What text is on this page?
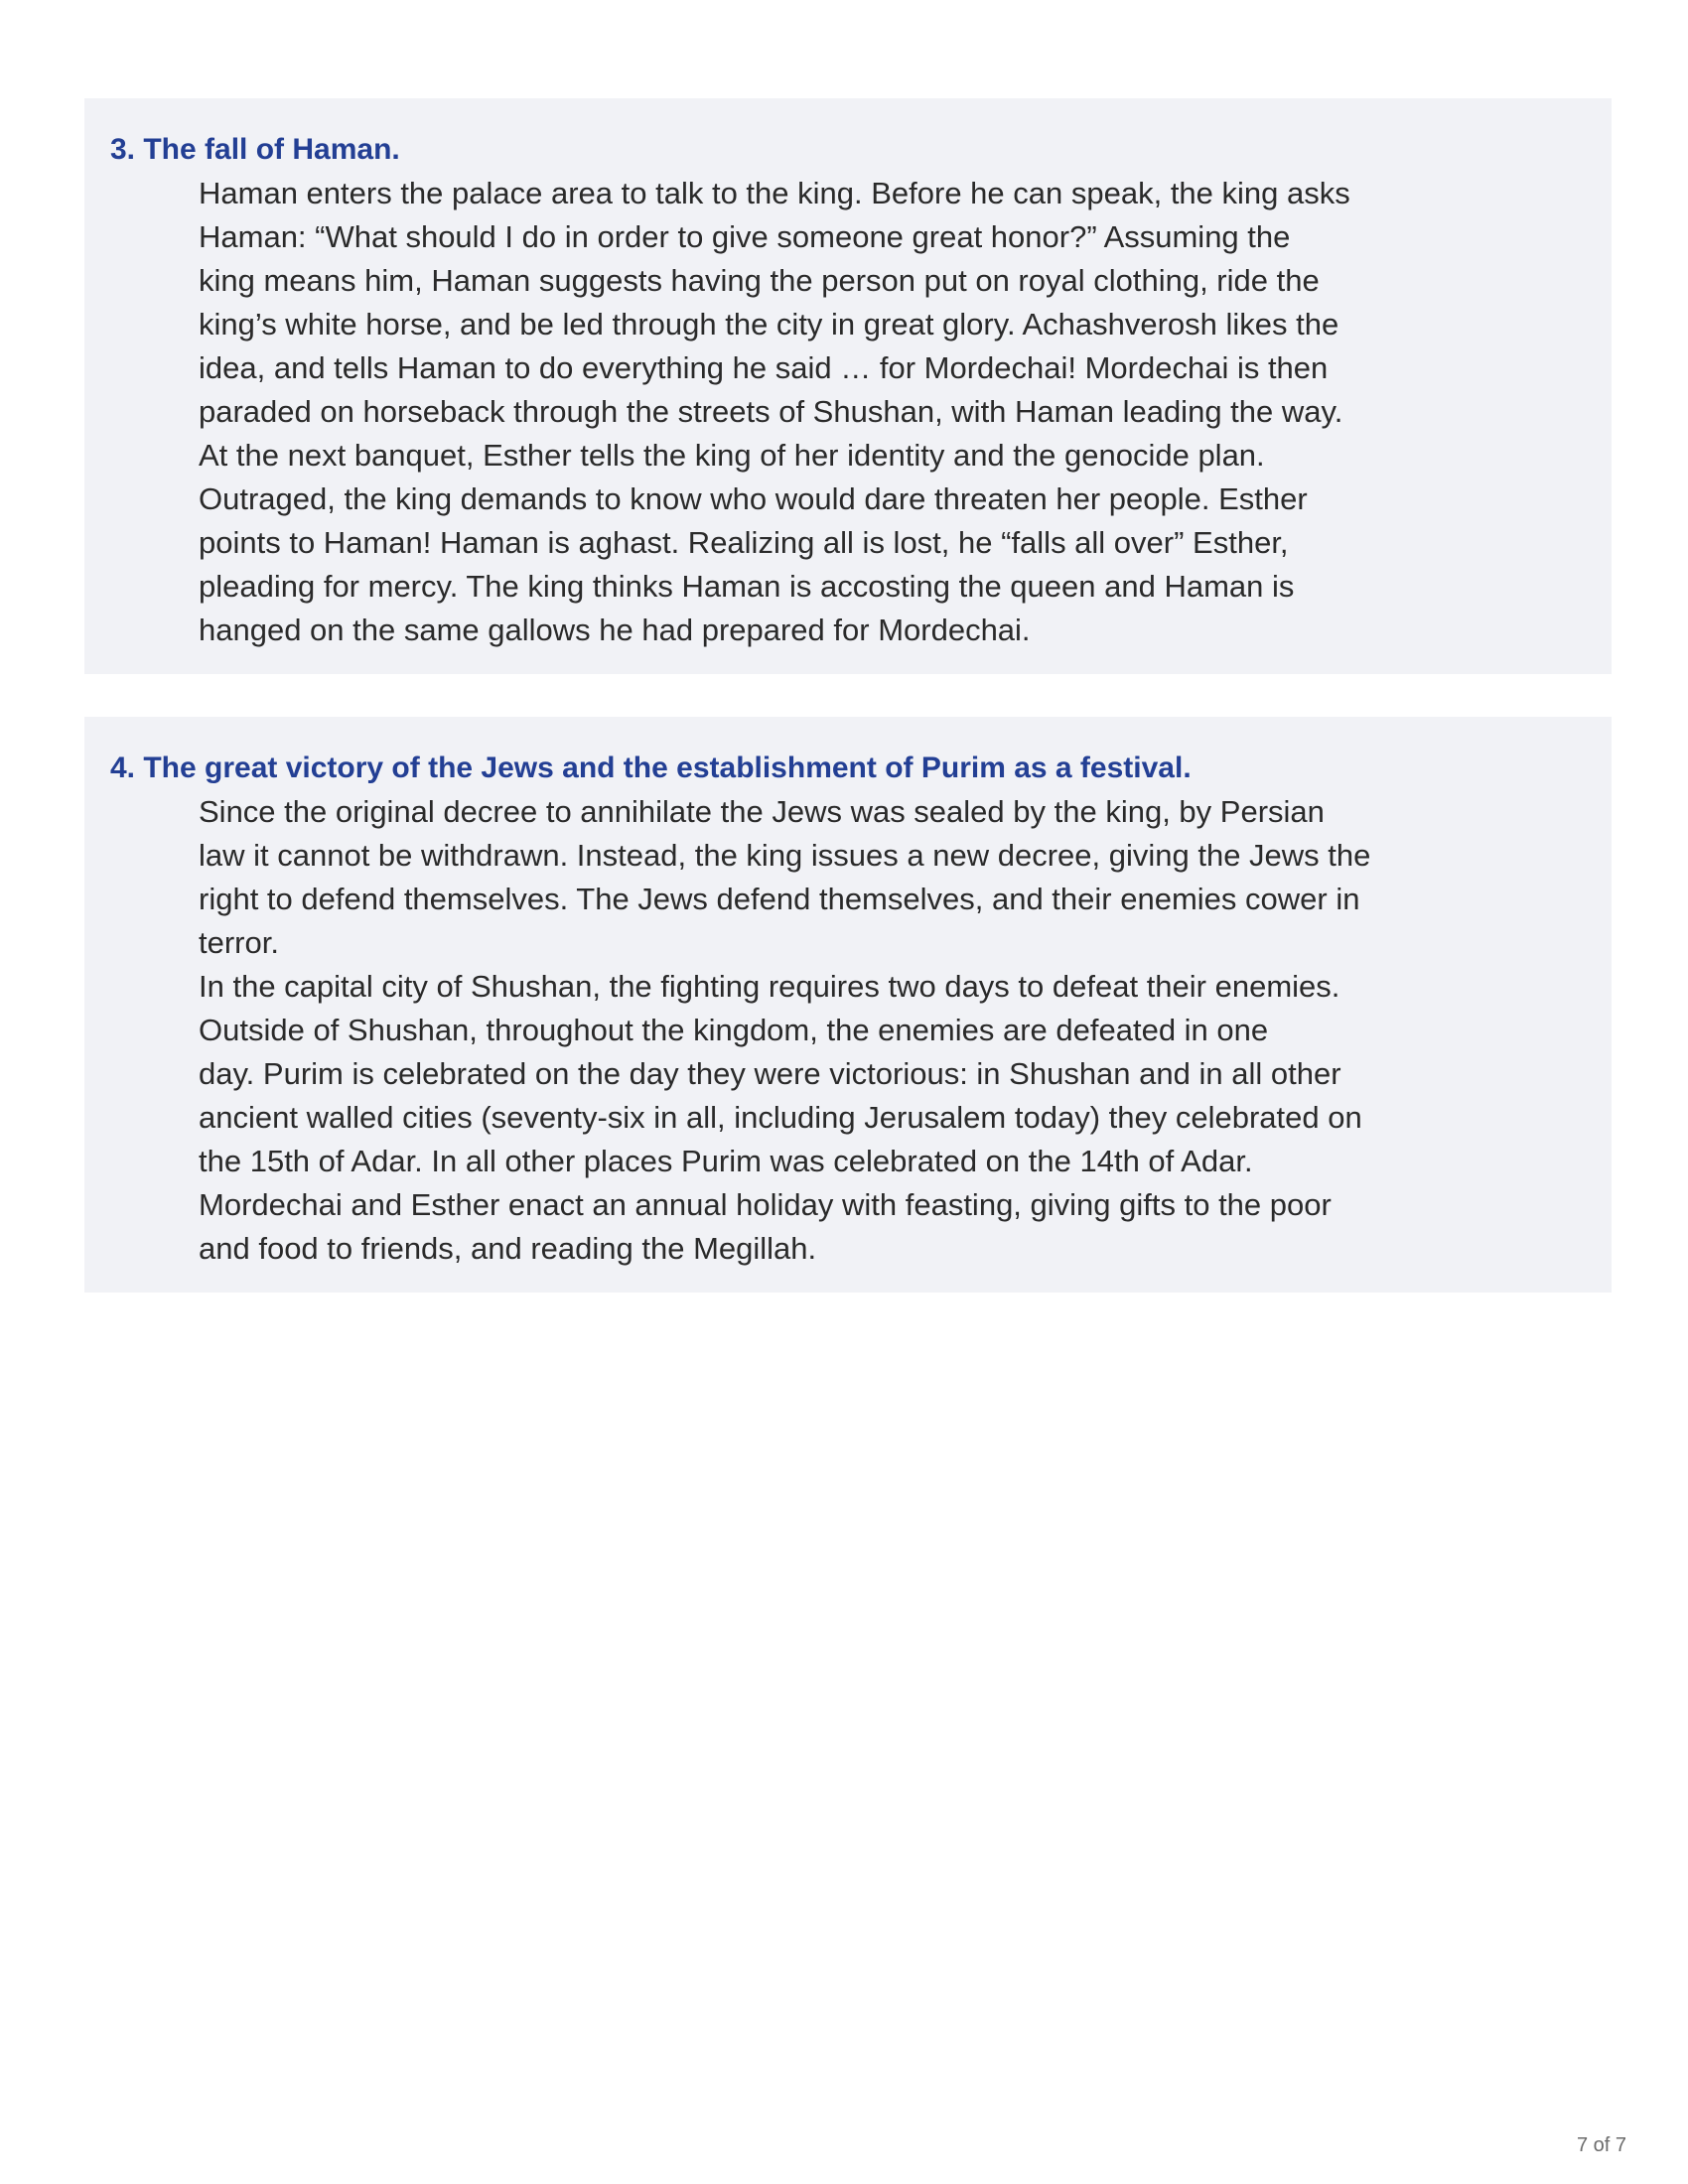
3. The fall of Haman.
Haman enters the palace area to talk to the king. Before he can speak, the king asks
Haman: “What should I do in order to give someone great honor?” Assuming the
king means him, Haman suggests having the person put on royal clothing, ride the
king’s white horse, and be led through the city in great glory. Achashverosh likes the
idea, and tells Haman to do everything he said … for Mordechai! Mordechai is then
paraded on horseback through the streets of Shushan, with Haman leading the way.
At the next banquet, Esther tells the king of her identity and the genocide plan.
Outraged, the king demands to know who would dare threaten her people. Esther
points to Haman! Haman is aghast. Realizing all is lost, he “falls all over” Esther,
pleading for mercy. The king thinks Haman is accosting the queen and Haman is
hanged on the same gallows he had prepared for Mordechai.
4. The great victory of the Jews and the establishment of Purim as a festival.
Since the original decree to annihilate the Jews was sealed by the king, by Persian
law it cannot be withdrawn. Instead, the king issues a new decree, giving the Jews the
right to defend themselves. The Jews defend themselves, and their enemies cower in
terror.
In the capital city of Shushan, the fighting requires two days to defeat their enemies.
Outside of Shushan, throughout the kingdom, the enemies are defeated in one
day. Purim is celebrated on the day they were victorious: in Shushan and in all other
ancient walled cities (seventy-six in all, including Jerusalem today) they celebrated on
the 15th of Adar. In all other places Purim was celebrated on the 14th of Adar.
Mordechai and Esther enact an annual holiday with feasting, giving gifts to the poor
and food to friends, and reading the Megillah.
7 of 7
